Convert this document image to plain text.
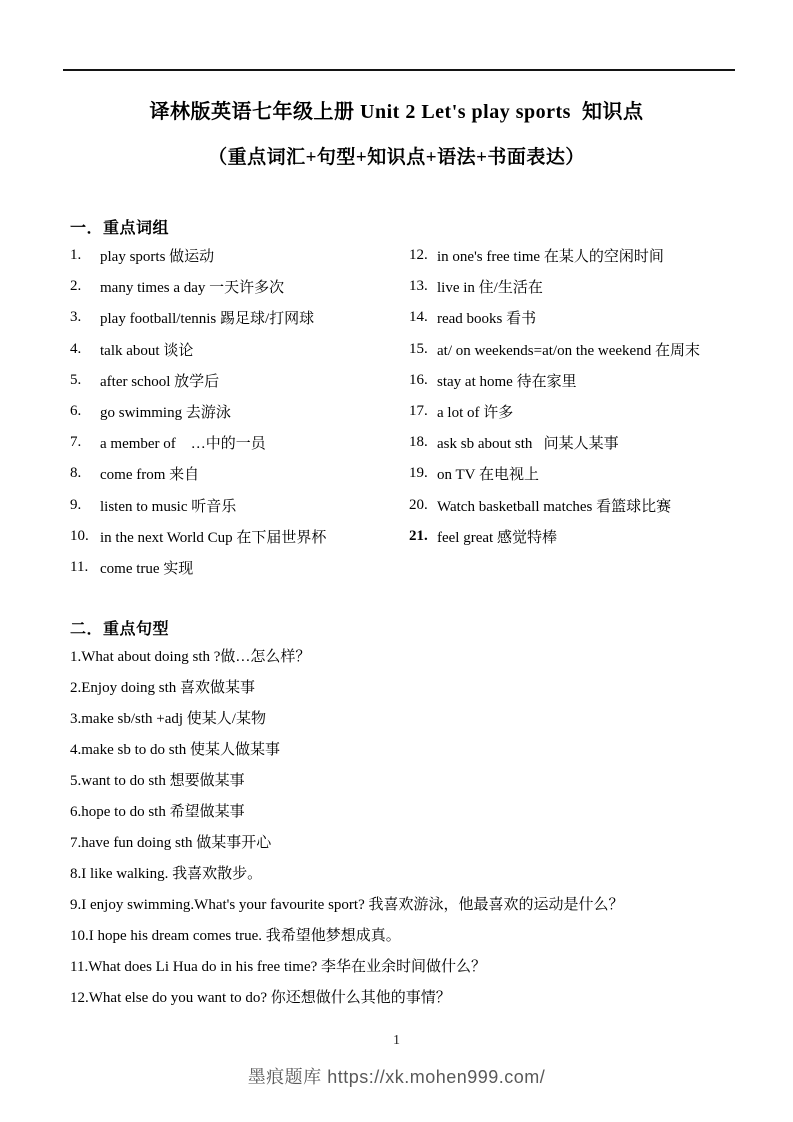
译林版英语七年级上册 Unit 2 Let's play sports  知识点
（重点词汇+句型+知识点+语法+书面表达）
一．重点词组
1.	play sports 做运动
2.	many times a day 一天许多次
3.	play football/tennis 踢足球/打网球
4.	talk about 谈论
5.	after school 放学后
6.	go swimming 去游泳
7.	a member of    …中的一员
8.	come from 来自
9.	listen to music 听音乐
10. in the next World Cup 在下届世界杯
11. come true 实现
12. in one's free time 在某人的空闲时间
13. live in 住/生活在
14. read books 看书
15. at/ on weekends=at/on the weekend 在周末
16. stay at home 待在家里
17. a lot of 许多
18. ask sb about sth   问某人某事
19. on TV 在电视上
20. Watch basketball matches 看篮球比赛
21. feel great 感觉特棒
二．重点句型
1.What about doing sth ?做…怎么样？
2.Enjoy doing sth 喜欢做某事
3.make sb/sth +adj 使某人/某物
4.make sb to do sth 使某人做某事
5.want to do sth 想要做某事
6.hope to do sth 希望做某事
7.have fun doing sth 做某事开心
8.I like walking. 我喜欢散步。
9.I enjoy swimming.What's your favourite sport? 我喜欢游泳，他最喜欢的运动是什么？
10.I hope his dream comes true. 我希望他梦想成真。
11.What does Li Hua do in his free time? 李华在业余时间做什么？
12.What else do you want to do? 你还想做什么其他的事情？
1
墨痕题库 https://xk.mohen999.com/
